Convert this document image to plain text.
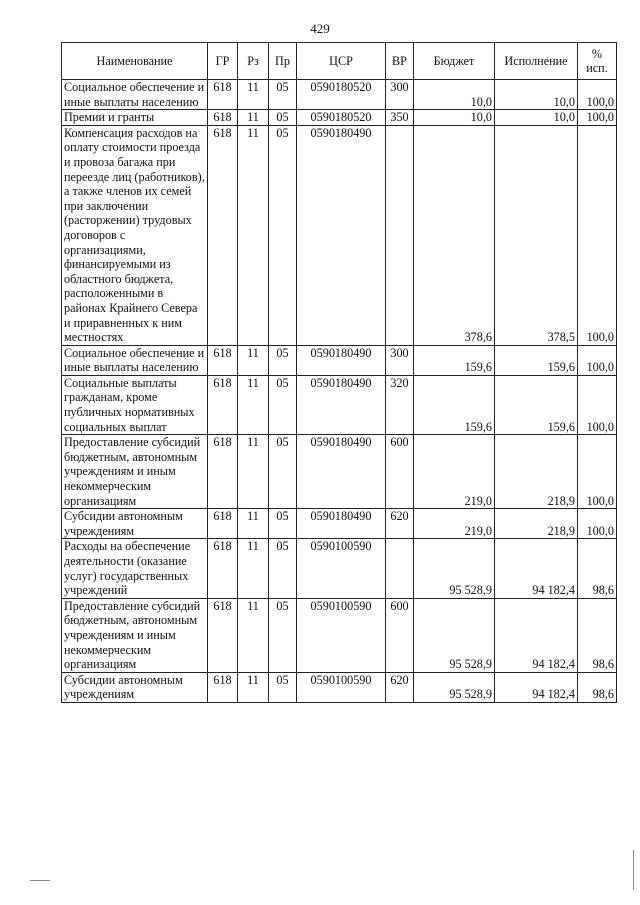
429
Наименование	ГР	Рз	Пр	ЦСР	ВР	Бюджет	Исполнение	%
исп.

Социальное обеспечение и иные выплаты населению	618	11	05	0590180520	300	10,0	10,0	100,0
Премии и гранты	618	11	05	0590180520	350	10,0	10,0	100,0
Компенсация расходов на оплату стоимости проезда и провоза багажа при переезде лиц (работников), а также членов их семей при заключении (расторжении) трудовых договоров с организациями, финансируемыми из областного бюджета, расположенными в районах Крайнего Севера и приравненных к ним местностях	618	11	05	0590180490		378,6	378,5	100,0
Социальное обеспечение и иные выплаты населению	618	11	05	0590180490	300	159,6	159,6	100,0
Социальные выплаты гражданам, кроме публичных нормативных социальных выплат	618	11	05	0590180490	320	159,6	159,6	100,0
Предоставление субсидий бюджетным, автономным учреждениям и иным некоммерческим организациям	618	11	05	0590180490	600	219,0	218,9	100,0
Субсидии автономным учреждениям	618	11	05	0590180490	620	219,0	218,9	100,0
Расходы на обеспечение деятельности (оказание услуг) государственных учреждений	618	11	05	0590100590		95 528,9	94 182,4	98,6
Предоставление субсидий бюджетным, автономным учреждениям и иным некоммерческим организациям	618	11	05	0590100590	600	95 528,9	94 182,4	98,6
Субсидии автономным учреждениям	618	11	05	0590100590	620	95 528,9	94 182,4	98,6
